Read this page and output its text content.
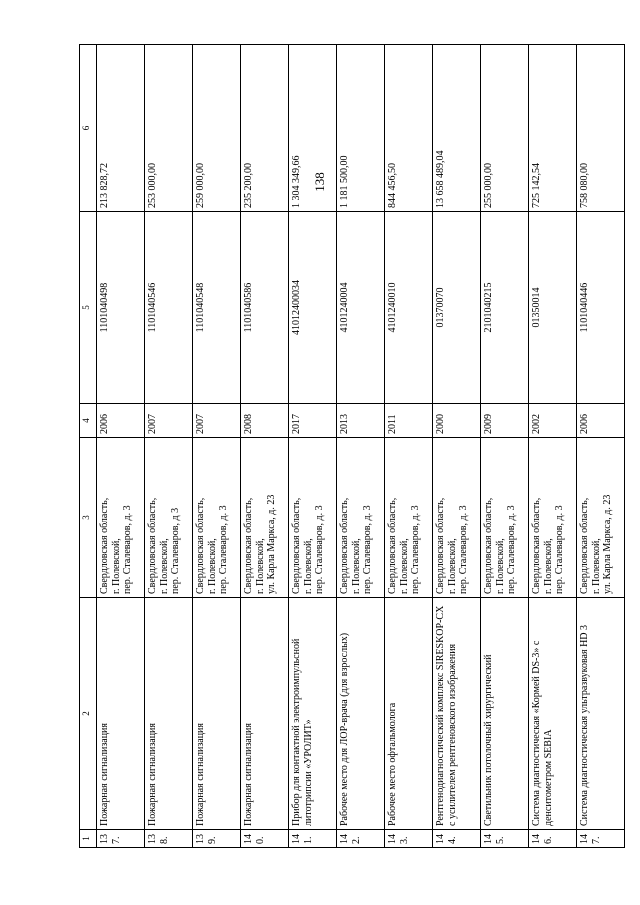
138
1	2	3	4	5	6
137.	Пожарная сигнализация	Свердловская область, г. Полевской, пер. Сталеваров, д. 3	2006	1101040498	213 828,72
138.	Пожарная сигнализация	Свердловская область, г. Полевской, пер. Сталеваров, д 3	2007	1101040546	253 000,00
139.	Пожарная сигнализация	Свердловская область, г. Полевской, пер. Сталеваров, д. 3	2007	1101040548	259 000,00
140.	Пожарная сигнализация	Свердловская область, г. Полевской, ул. Карла Маркса, д. 23	2008	1101040586	235 200,00
141.	Прибор для контактной электроимпульсной литотрипсии «УРОЛИТ»	Свердловская область, г. Полевской, пер. Сталеваров, д. 3	2017	41012400034	1 304 349,66
142.	Рабочее место для ЛОР-врача (для взрослых)	Свердловская область, г. Полевской, пер. Сталеваров, д. 3	2013	4101240004	1 181 500,00
143.	Рабочее место офтальмолога	Свердловская область, г. Полевской, пер. Сталеваров, д. 3	2011	4101240010	844 456,50
144.	Рентгенодиагностический комплекс SIRESKOP-CX с усилителем рентгеновского изображения	Свердловская область, г. Полевской, пер. Сталеваров, д. 3	2000	01370070	13 658 489,04
145.	Светильник потолочный хирургический	Свердловская область, г. Полевской, пер. Сталеваров, д. 3	2009	2101040215	255 000,00
146.	Система диагностическая «Кормей DS-3» с денситометром SEBIA	Свердловская область, г. Полевской, пер. Сталеваров, д. 3	2002	01350014	725 142,54
147.	Система диагностическая ультразвуковая HD 3	Свердловская область, г. Полевской, ул. Карла Маркса, д. 23	2006	1101040446	758 080,00
